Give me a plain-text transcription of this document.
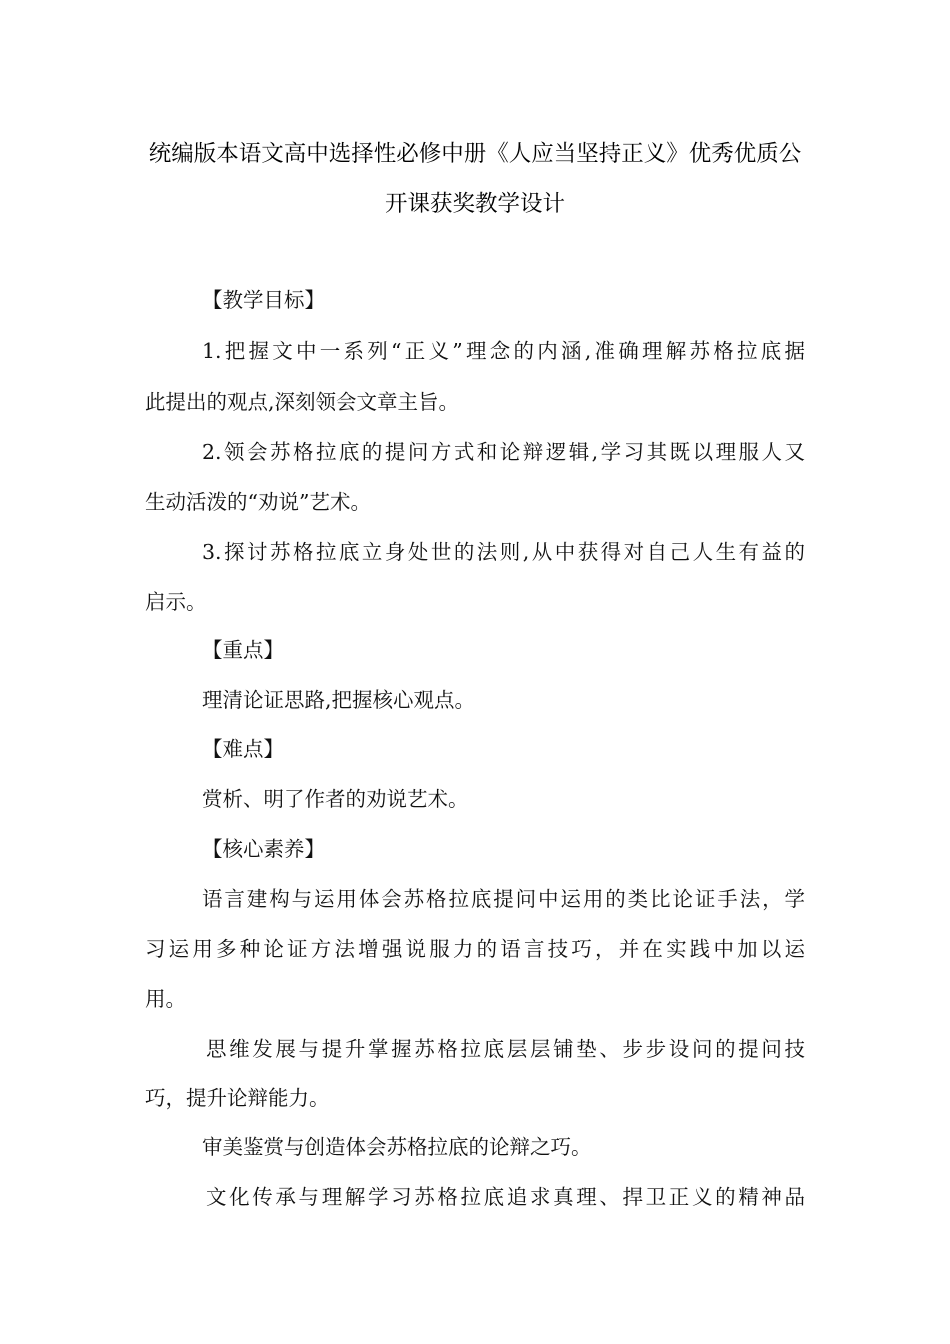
统编版本语文高中选择性必修中册《人应当坚持正义》优秀优质公
开课获奖教学设计
【教学目标】
1.把握文中一系列“正义”理念的内涵,准确理解苏格拉底据
此提出的观点,深刻领会文章主旨。
2.领会苏格拉底的提问方式和论辩逻辑,学习其既以理服人又
生动活泼的“劝说”艺术。
3.探讨苏格拉底立身处世的法则,从中获得对自己人生有益的
启示。
【重点】
理清论证思路,把握核心观点。
【难点】
赏析、明了作者的劝说艺术。
【核心素养】
语言建构与运用体会苏格拉底提问中运用的类比论证手法，学
习运用多种论证方法增强说服力的语言技巧，并在实践中加以运
用。
思维发展与提升掌握苏格拉底层层铺垫、步步设问的提问技
巧，提升论辩能力。
审美鉴赏与创造体会苏格拉底的论辩之巧。
文化传承与理解学习苏格拉底追求真理、捍卫正义的精神品
